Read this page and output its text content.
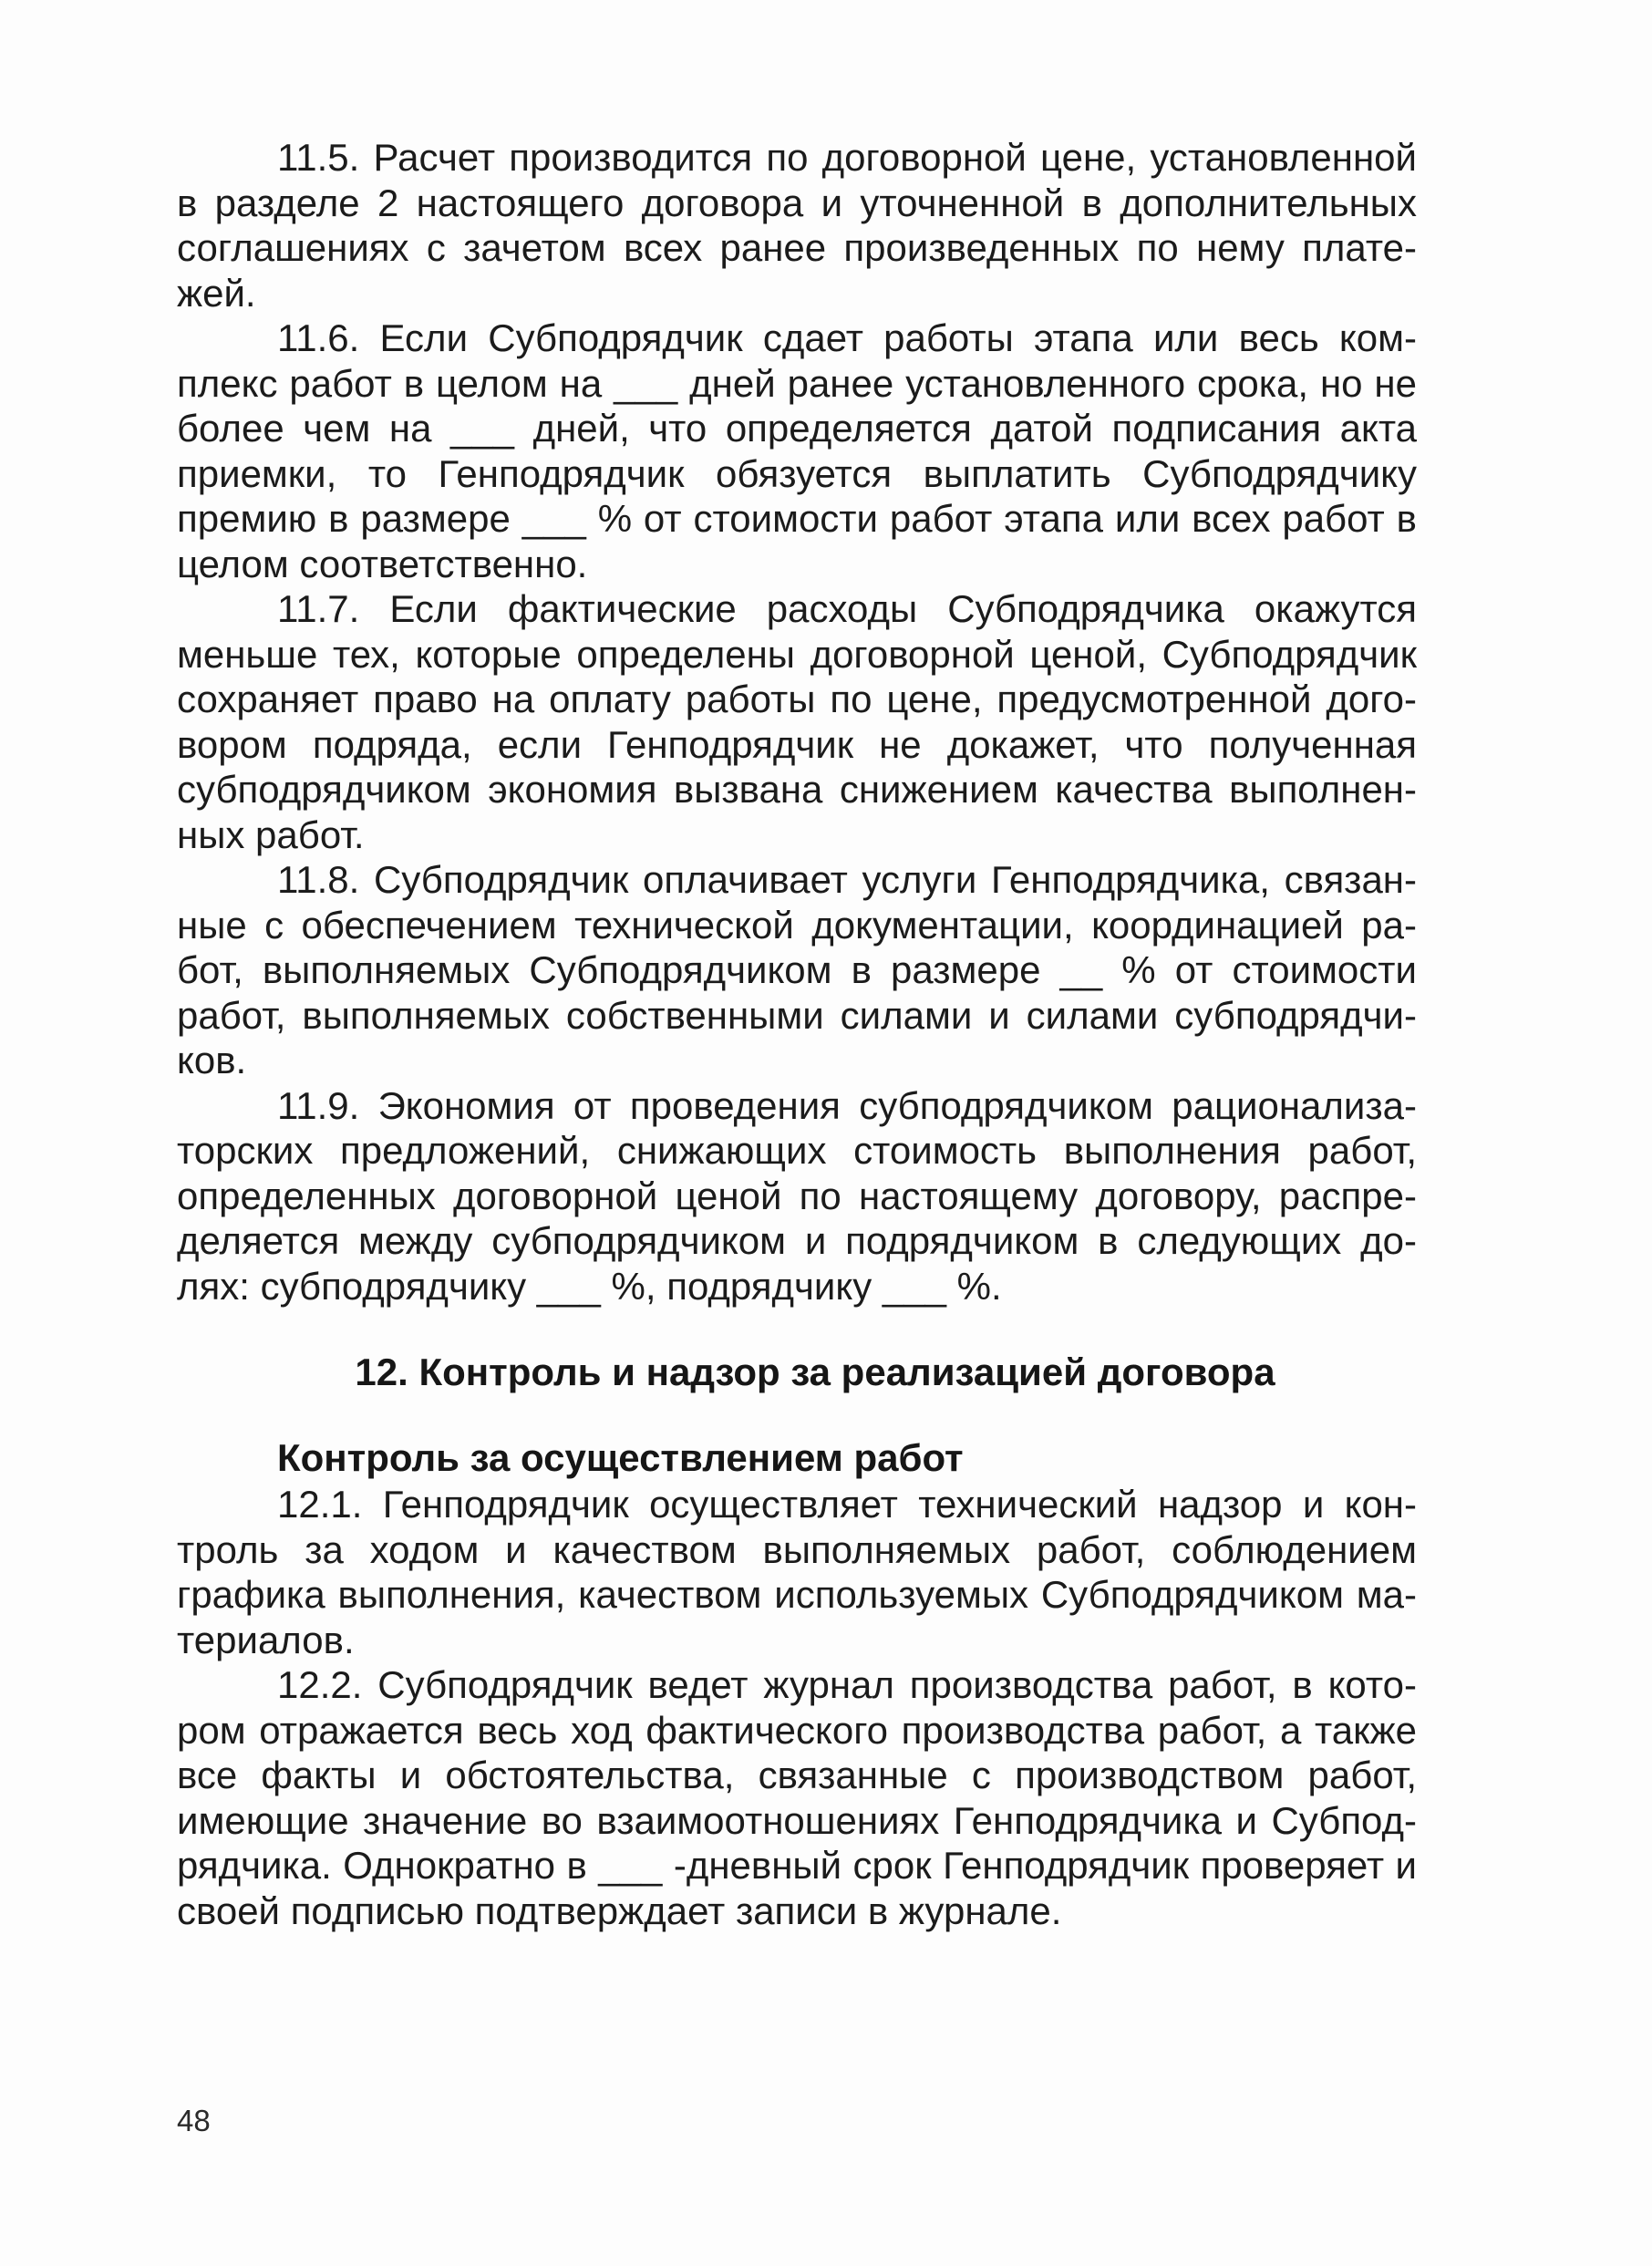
11.5. Расчет производится по договорной цене, установленной в разделе 2 настоящего договора и уточненной в дополнительных соглашениях с зачетом всех ранее произведенных по нему платежей.

11.6. Если Субподрядчик сдает работы этапа или весь комплекс работ в целом на ___ дней ранее установленного срока, но не более чем на ___ дней, что определяется датой подписания акта приемки, то Генподрядчик обязуется выплатить Субподрядчику премию в размере ___ % от стоимости работ этапа или всех работ в целом соответственно.

11.7. Если фактические расходы Субподрядчика окажутся меньше тех, которые определены договорной ценой, Субподрядчик сохраняет право на оплату работы по цене, предусмотренной договором подряда, если Генподрядчик не докажет, что полученная субподрядчиком экономия вызвана снижением качества выполненных работ.

11.8. Субподрядчик оплачивает услуги Генподрядчика, связанные с обеспечением технической документации, координацией работ, выполняемых Субподрядчиком в размере __ % от стоимости работ, выполняемых собственными силами и силами субподрядчиков.

11.9. Экономия от проведения субподрядчиком рационализаторских предложений, снижающих стоимость выполнения работ, определенных договорной ценой по настоящему договору, распределяется между субподрядчиком и подрядчиком в следующих долях: субподрядчику ___ %, подрядчику ___ %.

12. Контроль и надзор за реализацией договора
Контроль за осуществлением работ

12.1. Генподрядчик осуществляет технический надзор и контроль за ходом и качеством выполняемых работ, соблюдением графика выполнения, качеством используемых Субподрядчиком материалов.

12.2. Субподрядчик ведет журнал производства работ, в котором отражается весь ход фактического производства работ, а также все факты и обстоятельства, связанные с производством работ, имеющие значение во взаимоотношениях Генподрядчика и Субподрядчика. Однократно в ___ -дневный срок Генподрядчик проверяет и своей подписью подтверждает записи в журнале.

48
